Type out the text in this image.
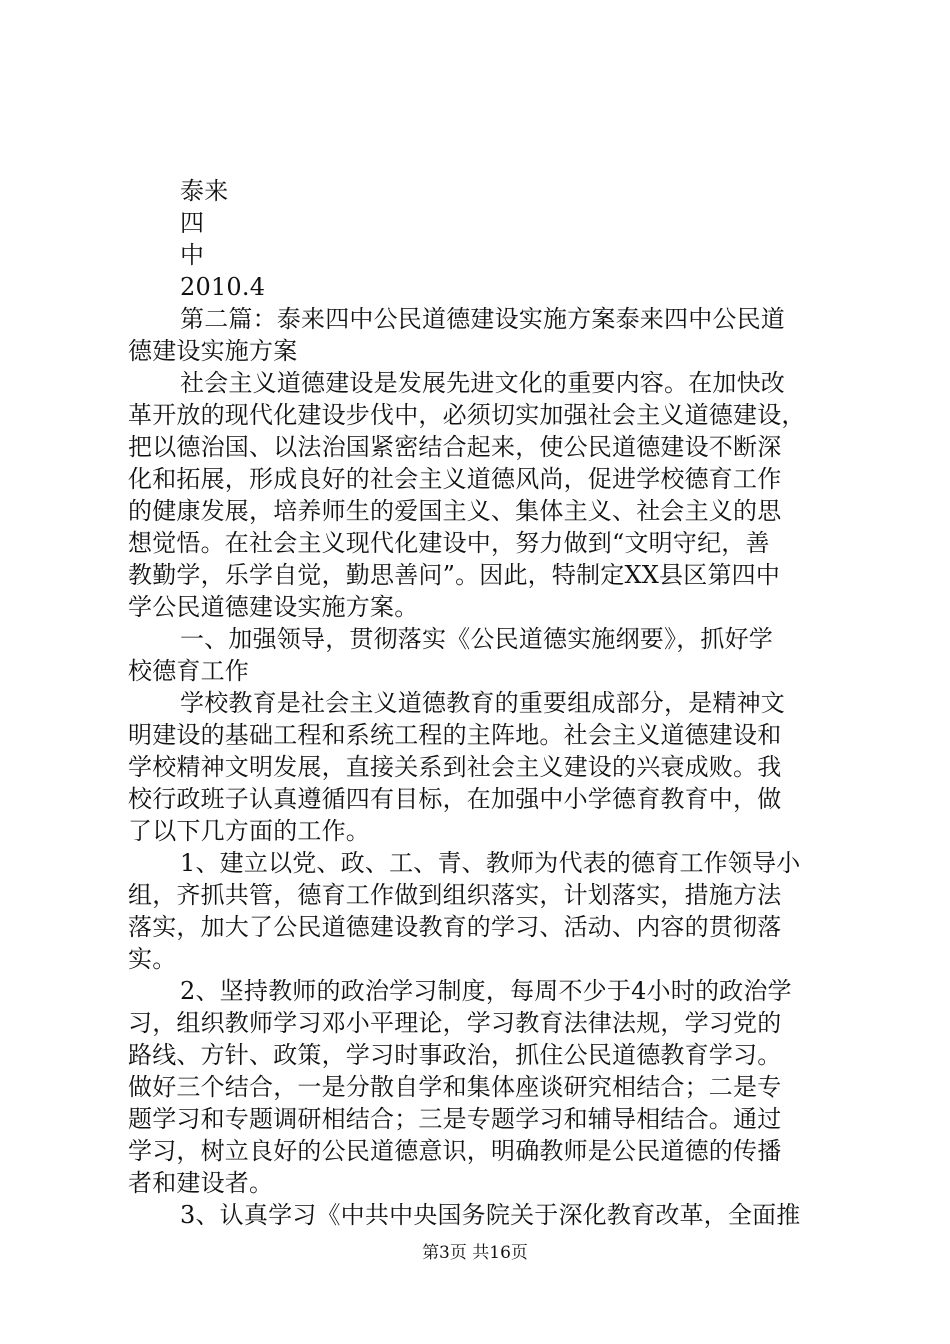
泰来
四
中
2010.4
第二篇：泰来四中公民道德建设实施方案泰来四中公民道
德建设实施方案
社会主义道德建设是发展先进文化的重要内容。在加快改
革开放的现代化建设步伐中，必须切实加强社会主义道德建设，
把以德治国、以法治国紧密结合起来，使公民道德建设不断深
化和拓展，形成良好的社会主义道德风尚，促进学校德育工作
的健康发展，培养师生的爱国主义、集体主义、社会主义的思
想觉悟。在社会主义现代化建设中，努力做到“文明守纪，善
教勤学，乐学自觉，勤思善问”。因此，特制定XX县区第四中
学公民道德建设实施方案。
一、加强领导，贯彻落实《公民道德实施纲要》，抓好学
校德育工作
学校教育是社会主义道德教育的重要组成部分，是精神文
明建设的基础工程和系统工程的主阵地。社会主义道德建设和
学校精神文明发展，直接关系到社会主义建设的兴衰成败。我
校行政班子认真遵循四有目标，在加强中小学德育教育中，做
了以下几方面的工作。
1、建立以党、政、工、青、教师为代表的德育工作领导小
组，齐抓共管，德育工作做到组织落实，计划落实，措施方法
落实，加大了公民道德建设教育的学习、活动、内容的贯彻落
实。
2、坚持教师的政治学习制度，每周不少于4小时的政治学
习，组织教师学习邓小平理论，学习教育法律法规，学习党的
路线、方针、政策，学习时事政治，抓住公民道德教育学习。
做好三个结合，一是分散自学和集体座谈研究相结合；二是专
题学习和专题调研相结合；三是专题学习和辅导相结合。通过
学习，树立良好的公民道德意识，明确教师是公民道德的传播
者和建设者。
3、认真学习《中共中央国务院关于深化教育改革，全面推
第3页 共16页
